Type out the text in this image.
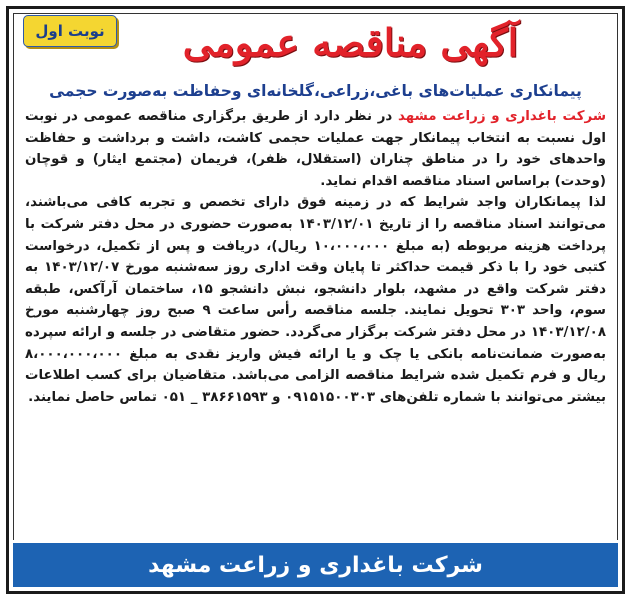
نوبت اول	آگهی مناقصه عمومی
پیمانکاری عملیات‌های باغی،زراعی،گلخانه‌ای وحفاظت به‌صورت حجمی

شرکت باغداری و زراعت مشهد در نظر دارد از طریق برگزاری مناقصه عمومی در نوبت اول نسبت به انتخاب پیمانکار جهت عملیات حجمی کاشت، داشت و برداشت و حفاظت واحدهای خود را در مناطق چناران (استقلال، ظفر)، فریمان (مجتمع ایثار) و قوچان (وحدت) براساس اسناد مناقصه اقدام نماید.

لذا پیمانکاران واجد شرایط که در زمینه فوق دارای تخصص و تجربه کافی می‌باشند، می‌توانند اسناد مناقصه را از تاریخ ۱۴۰۳/۱۲/۰۱ به‌صورت حضوری در محل دفتر شرکت با پرداخت هزینه مربوطه (به مبلغ ۱۰،۰۰۰،۰۰۰ ریال)، دریافت و پس از تکمیل، درخواست کتبی خود را با ذکر قیمت حداکثر تا پایان وقت اداری روز سه‌شنبه مورخ ۱۴۰۳/۱۲/۰۷ به دفتر شرکت واقع در مشهد، بلوار دانشجو، نبش دانشجو ۱۵، ساختمان آرآکس، طبقه سوم، واحد ۳۰۳ تحویل نمایند. جلسه مناقصه رأس ساعت ۹ صبح روز چهارشنبه مورخ ۱۴۰۳/۱۲/۰۸ در محل دفتر شرکت برگزار می‌گردد. حضور متقاضی در جلسه و ارائه سپرده به‌صورت ضمانت‌نامه بانکی یا چک و یا ارائه فیش واریز نقدی به مبلغ ۸،۰۰۰،۰۰۰،۰۰۰ ریال و فرم تکمیل شده شرایط مناقصه الزامی می‌باشد. متقاضیان برای کسب اطلاعات بیشتر می‌توانند با شماره تلفن‌های ۰۹۱۵۱۵۰۰۳۰۳ و ۳۸۶۶۱۵۹۳ _ ۰۵۱ تماس حاصل نمایند.

شرکت باغداری و زراعت مشهد
